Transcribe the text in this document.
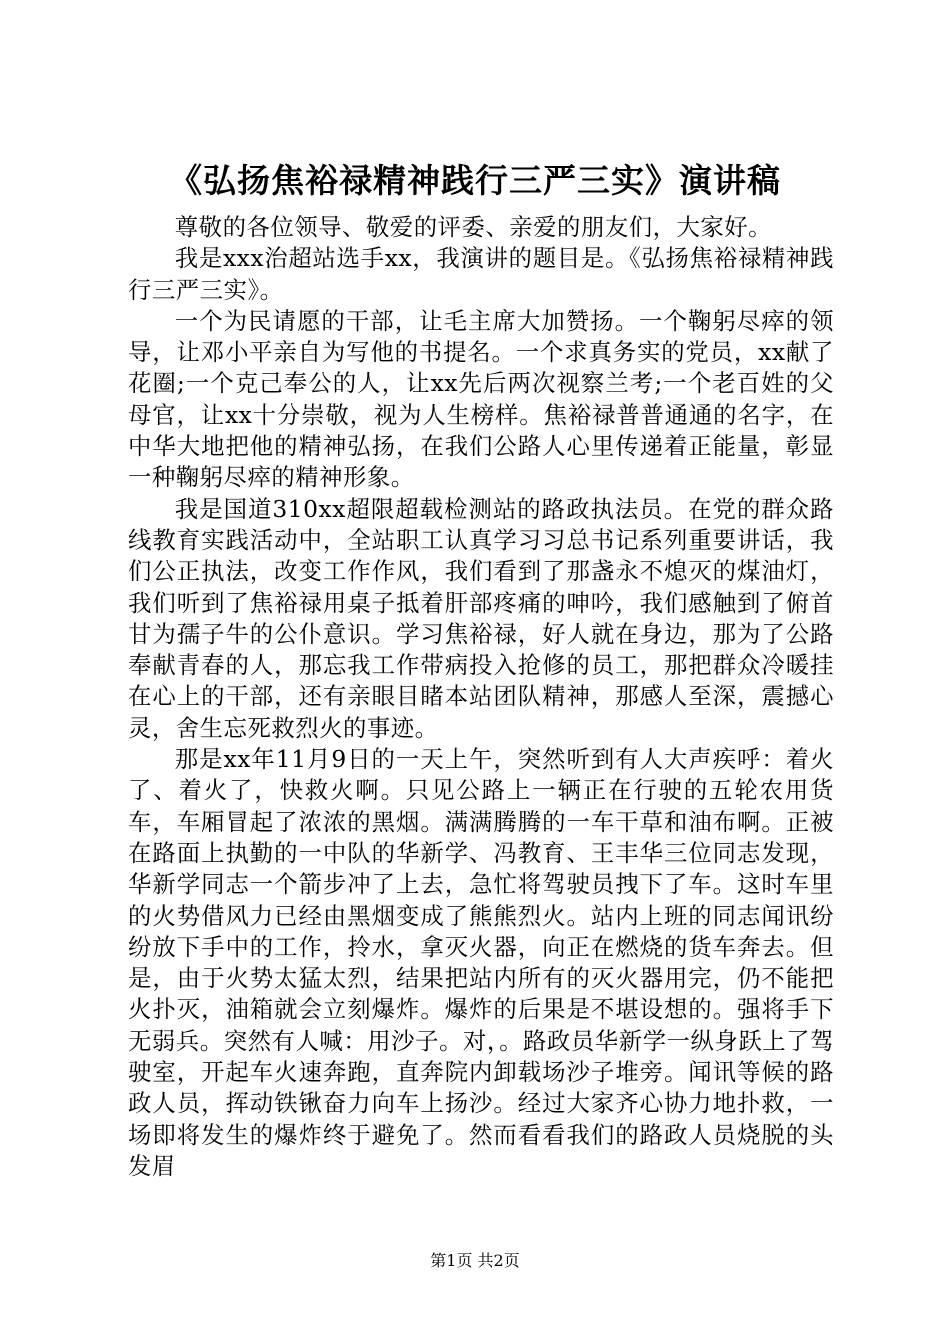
《弘扬焦裕禄精神践行三严三实》演讲稿

尊敬的各位领导、敬爱的评委、亲爱的朋友们，大家好。

我是xxx治超站选手xx，我演讲的题目是。《弘扬焦裕禄精神践行三严三实》。

一个为民请愿的干部，让毛主席大加赞扬。一个鞠躬尽瘁的领导，让邓小平亲自为写他的书提名。一个求真务实的党员，xx献了花圈;一个克己奉公的人，让xx先后两次视察兰考;一个老百姓的父母官，让xx十分崇敬，视为人生榜样。焦裕禄普普通通的名字，在中华大地把他的精神弘扬，在我们公路人心里传递着正能量，彰显一种鞠躬尽瘁的精神形象。

我是国道310xx超限超载检测站的路政执法员。在党的群众路线教育实践活动中，全站职工认真学习习总书记系列重要讲话，我们公正执法，改变工作作风，我们看到了那盏永不熄灭的煤油灯，我们听到了焦裕禄用桌子抵着肝部疼痛的呻吟，我们感触到了俯首甘为孺子牛的公仆意识。学习焦裕禄，好人就在身边，那为了公路奉献青春的人，那忘我工作带病投入抢修的员工，那把群众冷暖挂在心上的干部，还有亲眼目睹本站团队精神，那感人至深，震撼心灵，舍生忘死救烈火的事迹。

那是xx年11月9日的一天上午，突然听到有人大声疾呼：着火了、着火了，快救火啊。只见公路上一辆正在行驶的五轮农用货车，车厢冒起了浓浓的黑烟。满满腾腾的一车干草和油布啊。正被在路面上执勤的一中队的华新学、冯教育、王丰华三位同志发现，华新学同志一个箭步冲了上去，急忙将驾驶员拽下了车。这时车里的火势借风力已经由黑烟变成了熊熊烈火。站内上班的同志闻讯纷纷放下手中的工作，拎水，拿灭火器，向正在燃烧的货车奔去。但是，由于火势太猛太烈，结果把站内所有的灭火器用完，仍不能把火扑灭，油箱就会立刻爆炸。爆炸的后果是不堪设想的。强将手下无弱兵。突然有人喊：用沙子。对，。路政员华新学一纵身跃上了驾驶室，开起车火速奔跑，直奔院内卸载场沙子堆旁。闻讯等候的路政人员，挥动铁锹奋力向车上扬沙。经过大家齐心协力地扑救，一场即将发生的爆炸终于避免了。然而看看我们的路政人员烧脱的头发眉

第1页 共2页
